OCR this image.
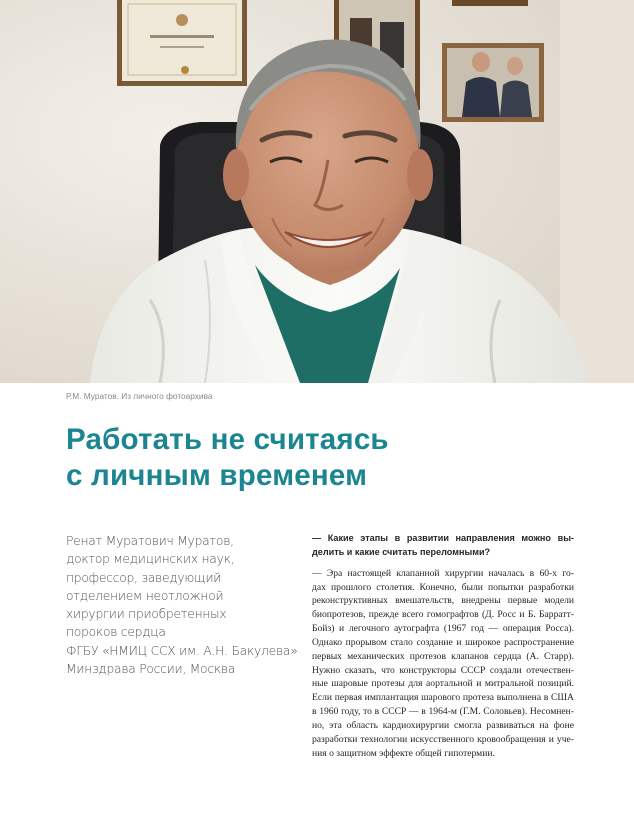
Р.М. Муратов. Из личного фотоархива
Работать не считаясь
с личным временем
Ренат Муратович Муратов,
доктор медицинских наук,
профессор, заведующий
отделением неотложной
хирургии приобретенных
пороков сердца
ФГБУ «НМИЦ ССХ им. А.Н. Бакулева»
Минздрава России, Москва
— Какие этапы в развитии направления можно вы-
делить и какие считать переломными?
— Эра настоящей клапанной хирургии началась в 60-х го-
дах прошлого столетия. Конечно, были попытки разработки
реконструктивных вмешательств, внедрены первые модели
биопротезов, прежде всего гомографтов (Д. Росс и Б. Барратт-
Бойз) и легочного аутографта (1967 год — операция Росса).
Однако прорывом стало создание и широкое распространение
первых механических протезов клапанов сердца (А. Старр).
Нужно сказать, что конструкторы СССР создали отечествен-
ные шаровые протезы для аортальной и митральной позиций.
Если первая имплантация шарового протеза выполнена в США
в 1960 году, то в СССР — в 1964-м (Г.М. Соловьев). Несомнен-
но, эта область кардиохирургии смогла развиваться на фоне
разработки технологии искусственного кровообращения и уче-
ния о защитном эффекте общей гипотермии.
